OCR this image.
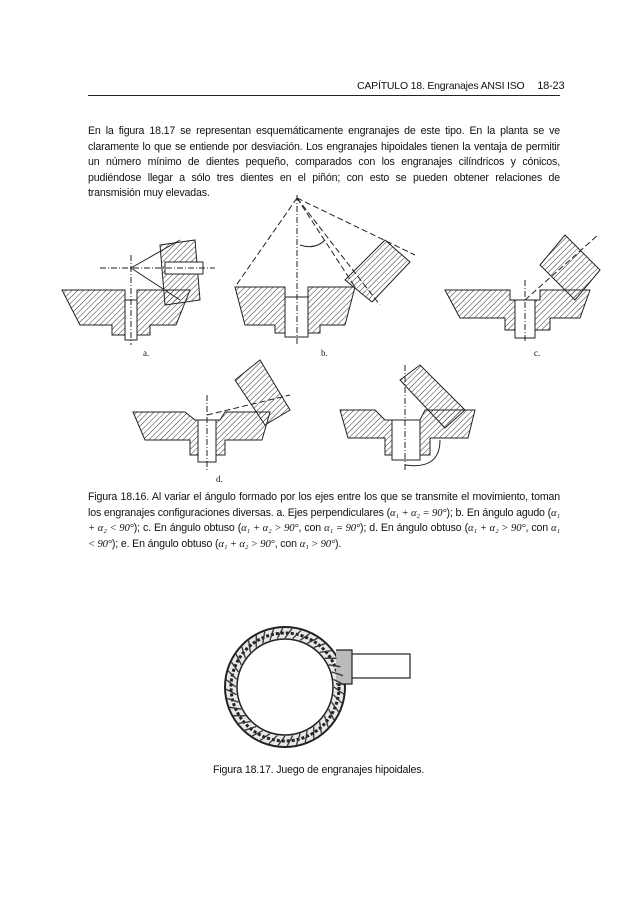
CAPÍTULO 18. Engranajes ANSI ISO 18-23
En la figura 18.17 se representan esquemáticamente engranajes de este tipo. En la planta se ve claramente lo que se entiende por desviación. Los engranajes hipoidales tienen la ventaja de permitir un número mínimo de dientes pequeño, comparados con los engranajes cilíndricos y cónicos, pudiéndose llegar a sólo tres dientes en el piñón; con esto se pueden obtener relaciones de transmisión muy elevadas.
a.	b.	c.
d.
Figura 18.16. Al variar el ángulo formado por los ejes entre los que se transmite el movimiento, toman los engranajes configuraciones diversas. a. Ejes perpendiculares (α₁ + α₂ = 90°); b. En ángulo agudo (α₁ + α₂ < 90°); c. En ángulo obtuso (α₁ + α₂ > 90°, con α₁ = 90°); d. En ángulo obtuso (α₁ + α₂ > 90°, con α₁ < 90°); e. En ángulo obtuso (α₁ + α₂ > 90°, con α₁ > 90°).
Figura 18.17. Juego de engranajes hipoidales.
